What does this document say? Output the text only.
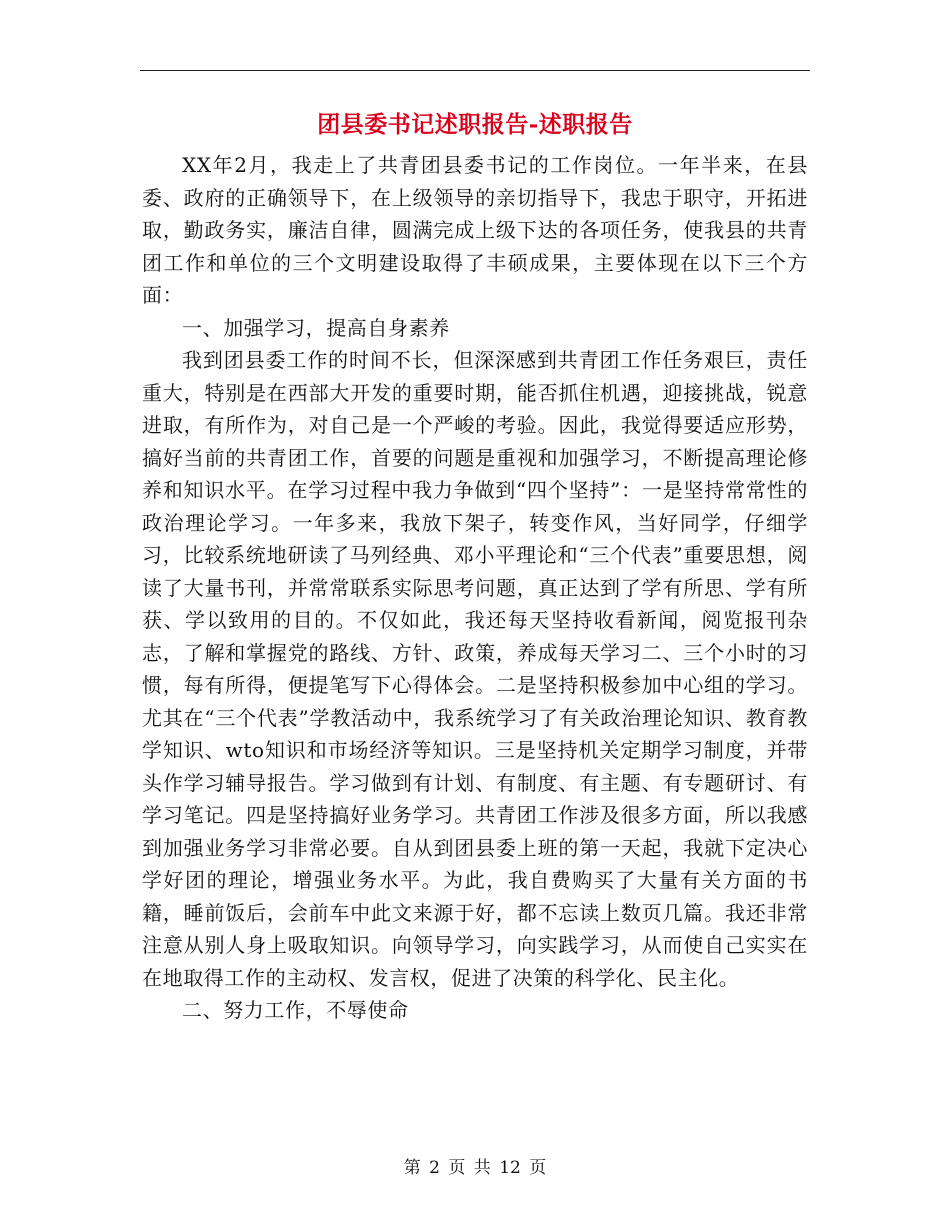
团县委书记述职报告-述职报告

XX年2月，我走上了共青团县委书记的工作岗位。一年半来，在县委、政府的正确领导下，在上级领导的亲切指导下，我忠于职守，开拓进取，勤政务实，廉洁自律，圆满完成上级下达的各项任务，使我县的共青团工作和单位的三个文明建设取得了丰硕成果，主要体现在以下三个方面：

一、加强学习，提高自身素养

我到团县委工作的时间不长，但深深感到共青团工作任务艰巨，责任重大，特别是在西部大开发的重要时期，能否抓住机遇，迎接挑战，锐意进取，有所作为，对自己是一个严峻的考验。因此，我觉得要适应形势，搞好当前的共青团工作，首要的问题是重视和加强学习，不断提高理论修养和知识水平。在学习过程中我力争做到“四个坚持”：一是坚持常常性的政治理论学习。一年多来，我放下架子，转变作风，当好同学，仔细学习，比较系统地研读了马列经典、邓小平理论和“三个代表”重要思想，阅读了大量书刊，并常常联系实际思考问题，真正达到了学有所思、学有所获、学以致用的目的。不仅如此，我还每天坚持收看新闻，阅览报刊杂志，了解和掌握党的路线、方针、政策，养成每天学习二、三个小时的习惯，每有所得，便提笔写下心得体会。二是坚持积极参加中心组的学习。尤其在“三个代表”学教活动中，我系统学习了有关政治理论知识、教育教学知识、wto知识和市场经济等知识。三是坚持机关定期学习制度，并带头作学习辅导报告。学习做到有计划、有制度、有主题、有专题研讨、有学习笔记。四是坚持搞好业务学习。共青团工作涉及很多方面，所以我感到加强业务学习非常必要。自从到团县委上班的第一天起，我就下定决心学好团的理论，增强业务水平。为此，我自费购买了大量有关方面的书籍，睡前饭后，会前车中此文来源于好，都不忘读上数页几篇。我还非常注意从别人身上吸取知识。向领导学习，向实践学习，从而使自己实实在在地取得工作的主动权、发言权，促进了决策的科学化、民主化。

二、努力工作，不辱使命

第 2 页 共 12 页
